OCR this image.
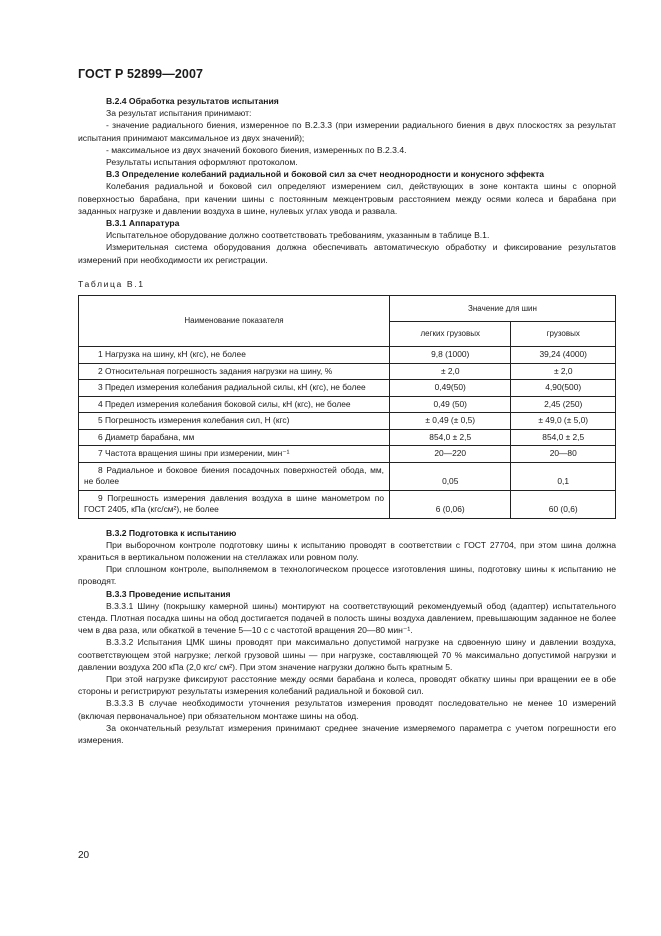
ГОСТ Р 52899—2007

В.2.4 Обработка результатов испытания

За результат испытания принимают:

- значение радиального биения, измеренное по В.2.3.3 (при измерении радиального биения в двух плоскостях за результат испытания принимают максимальное из двух значений);

- максимальное из двух значений бокового биения, измеренных по В.2.3.4.

Результаты испытания оформляют протоколом.

В.3 Определение колебаний радиальной и боковой сил за счет неоднородности и конусного эффекта

Колебания радиальной и боковой сил определяют измерением сил, действующих в зоне контакта шины с опорной поверхностью барабана, при качении шины с постоянным межцентровым расстоянием между осями колеса и барабана при заданных нагрузке и давлении воздуха в шине, нулевых углах увода и развала.

В.3.1 Аппаратура

Испытательное оборудование должно соответствовать требованиям, указанным в таблице В.1.

Измерительная система оборудования должна обеспечивать автоматическую обработку и фиксирование результатов измерений при необходимости их регистрации.

Таблица В.1

Наименование показателя	Значение для шин	
	легких грузовых	грузовых
1 Нагрузка на шину, кН (кгс), не более	9,8 (1000)	39,24 (4000)
2 Относительная погрешность задания нагрузки на шину, %	± 2,0	± 2,0
3 Предел измерения колебания радиальной силы, кН (кгс), не более	0,49(50)	4,90(500)
4 Предел измерения колебания боковой силы, кН (кгс), не более	0,49 (50)	2,45 (250)
5 Погрешность измерения колебания сил, Н (кгс)	± 0,49 (± 0,5)	± 49,0 (± 5,0)
6 Диаметр барабана, мм	854,0 ± 2,5	854,0 ± 2,5
7 Частота вращения шины при измерении, мин⁻¹	20—220	20—80
8 Радиальное и боковое биения посадочных поверхностей обода, мм, не более	0,05	0,1
9 Погрешность измерения давления воздуха в шине манометром по ГОСТ 2405, кПа (кгс/см²), не более	6 (0,06)	60 (0,6)

В.3.2 Подготовка к испытанию

При выборочном контроле подготовку шины к испытанию проводят в соответствии с ГОСТ 27704, при этом шина должна храниться в вертикальном положении на стеллажах или ровном полу.

При сплошном контроле, выполняемом в технологическом процессе изготовления шины, подготовку шины к испытанию не проводят.

В.3.3 Проведение испытания

В.3.3.1 Шину (покрышку камерной шины) монтируют на соответствующий рекомендуемый обод (адаптер) испытательного стенда. Плотная посадка шины на обод достигается подачей в полость шины воздуха давлением, превышающим заданное не более чем в два раза, или обкаткой в течение 5—10 с с частотой вращения 20—80 мин⁻¹.

В.3.3.2 Испытания ЦМК шины проводят при максимально допустимой нагрузке на сдвоенную шину и давлении воздуха, соответствующем этой нагрузке; легкой грузовой шины — при нагрузке, составляющей 70 % максимально допустимой нагрузки и давлении воздуха 200 кПа (2,0 кгс/ см²). При этом значение нагрузки должно быть кратным 5.

При этой нагрузке фиксируют расстояние между осями барабана и колеса, проводят обкатку шины при вращении ее в обе стороны и регистрируют результаты измерения колебаний радиальной и боковой сил.

В.3.3.3 В случае необходимости уточнения результатов измерения проводят последовательно не менее 10 измерений (включая первоначальное) при обязательном монтаже шины на обод.

За окончательный результат измерения принимают среднее значение измеряемого параметра с учетом погрешности его измерения.

20
